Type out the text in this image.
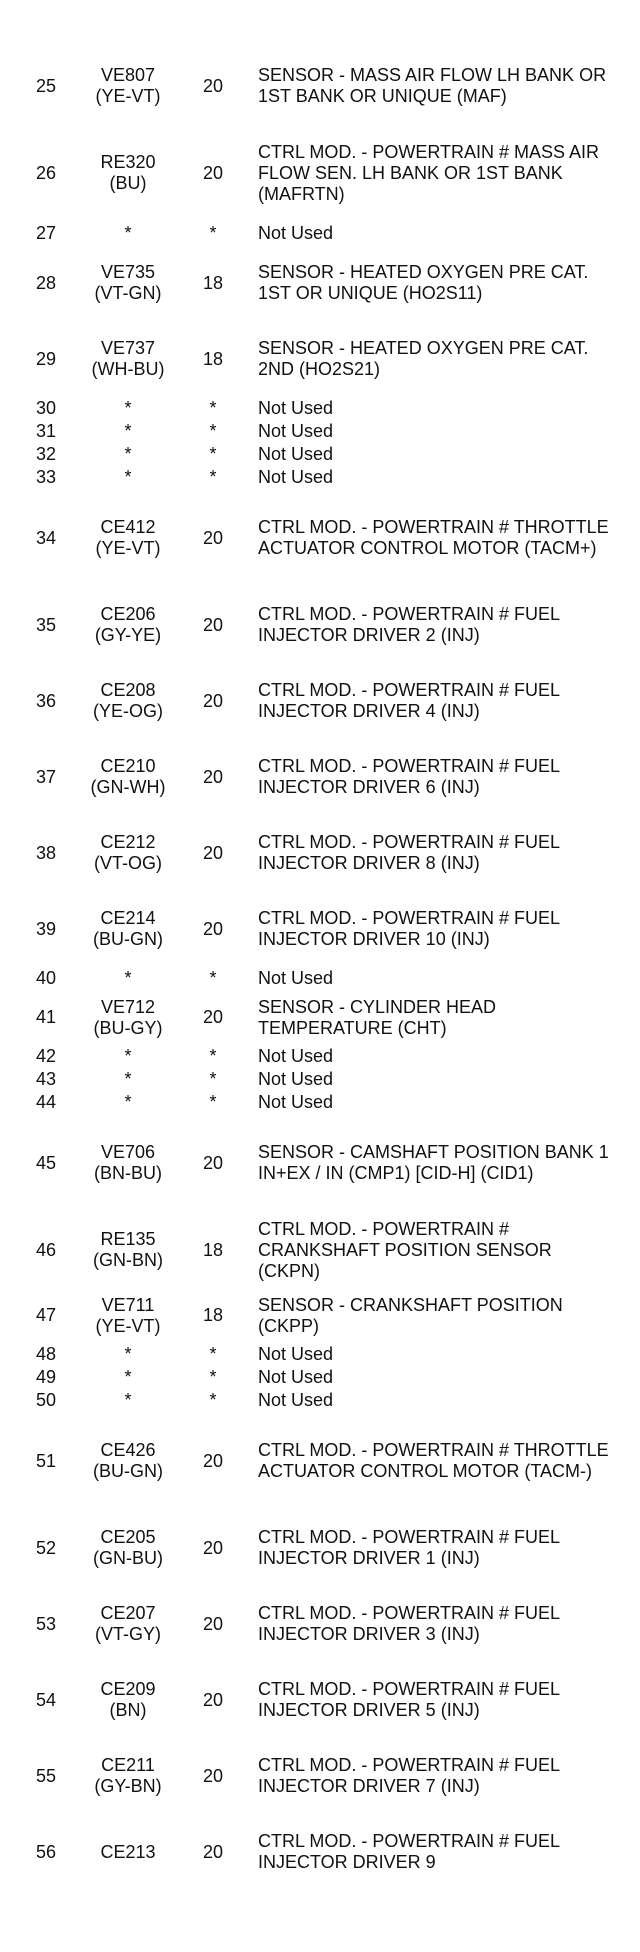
25	VE807
(YE-VT)	20	SENSOR - MASS AIR FLOW LH BANK OR 1ST BANK OR UNIQUE (MAF)
26	RE320
(BU)	20	CTRL MOD. - POWERTRAIN # MASS AIR FLOW SEN. LH BANK OR 1ST BANK (MAFRTN)
27	*	*	Not Used
28	VE735
(VT-GN)	18	SENSOR - HEATED OXYGEN PRE CAT. 1ST OR UNIQUE (HO2S11)
29	VE737
(WH-BU)	18	SENSOR - HEATED OXYGEN PRE CAT. 2ND (HO2S21)
30	*	*	Not Used
31	*	*	Not Used
32	*	*	Not Used
33	*	*	Not Used
34	CE412
(YE-VT)	20	CTRL MOD. - POWERTRAIN # THROTTLE ACTUATOR CONTROL MOTOR (TACM+)
35	CE206
(GY-YE)	20	CTRL MOD. - POWERTRAIN # FUEL INJECTOR DRIVER 2 (INJ)
36	CE208
(YE-OG)	20	CTRL MOD. - POWERTRAIN # FUEL INJECTOR DRIVER 4 (INJ)
37	CE210
(GN-WH)	20	CTRL MOD. - POWERTRAIN # FUEL INJECTOR DRIVER 6 (INJ)
38	CE212
(VT-OG)	20	CTRL MOD. - POWERTRAIN # FUEL INJECTOR DRIVER 8 (INJ)
39	CE214
(BU-GN)	20	CTRL MOD. - POWERTRAIN # FUEL INJECTOR DRIVER 10 (INJ)
40	*	*	Not Used
41	VE712
(BU-GY)	20	SENSOR - CYLINDER HEAD TEMPERATURE (CHT)
42	*	*	Not Used
43	*	*	Not Used
44	*	*	Not Used
45	VE706
(BN-BU)	20	SENSOR - CAMSHAFT POSITION BANK 1 IN+EX / IN (CMP1) [CID-H] (CID1)
46	RE135
(GN-BN)	18	CTRL MOD. - POWERTRAIN # CRANKSHAFT POSITION SENSOR (CKPN)
47	VE711
(YE-VT)	18	SENSOR - CRANKSHAFT POSITION (CKPP)
48	*	*	Not Used
49	*	*	Not Used
50	*	*	Not Used
51	CE426
(BU-GN)	20	CTRL MOD. - POWERTRAIN # THROTTLE ACTUATOR CONTROL MOTOR (TACM-)
52	CE205
(GN-BU)	20	CTRL MOD. - POWERTRAIN # FUEL INJECTOR DRIVER 1 (INJ)
53	CE207
(VT-GY)	20	CTRL MOD. - POWERTRAIN # FUEL INJECTOR DRIVER 3 (INJ)
54	CE209
(BN)	20	CTRL MOD. - POWERTRAIN # FUEL INJECTOR DRIVER 5 (INJ)
55	CE211
(GY-BN)	20	CTRL MOD. - POWERTRAIN # FUEL INJECTOR DRIVER 7 (INJ)
56	CE213	20	CTRL MOD. - POWERTRAIN # FUEL INJECTOR DRIVER 9
